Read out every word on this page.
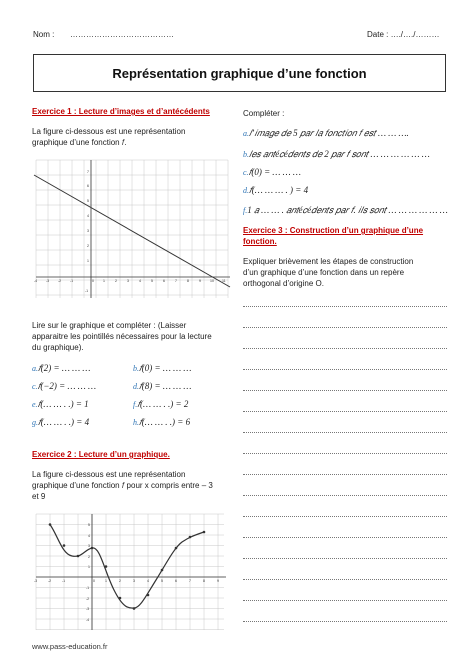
Nom : …………………………………	Date : …./…./………
Représentation graphique d’une fonction
Exercice 1 : Lecture d’images et d’antécédents
La figure ci-dessous est une représentation
graphique d’une fonction 𝑓.
-4	-3	-2	-1	0	1	2	3	4	5	6	7	8	9	10 11
7
6
5
4
3
2
1
-1
Lire sur le graphique et compléter : (Laisser
apparaitre les pointillés nécessaires pour la lecture
du graphique).
a.𝑓(2) = … … …	b.𝑓(0) = … … …
c.𝑓(−2) = … … …	d.𝑓(8) = … … …
e.𝑓(… … . .) = 1	f.𝑓(… … . .) = 2
g.𝑓(… … . .) = 4	h.𝑓(… … . .) = 6
Exercice 2 : Lecture d’un graphique.
La figure ci-dessous est une représentation
graphique d’une fonction 𝑓 pour x compris entre – 3
et 9
-3	-2	-1	0	1	2	3	4	5	6	7	8	9
5
4
3
2
1
-1
-2
-3
-4
Compléter :
a.𝑙’𝑖𝑚𝑎𝑔𝑒 𝑑𝑒 5 𝑝𝑎𝑟 𝑙𝑎 𝑓𝑜𝑛𝑐𝑡𝑖𝑜𝑛 𝑓 𝑒𝑠𝑡 … … ….
b.𝑙𝑒𝑠 𝑎𝑛𝑡é𝑐é𝑑𝑒𝑛𝑡𝑠 𝑑𝑒 2 𝑝𝑎𝑟 𝑓 𝑠𝑜𝑛𝑡 … … … … … …
c.𝑓(0) = … … …
d.𝑓(… … … . ) = 4
f.1 𝑎 … … . 𝑎𝑛𝑡é𝑐é𝑑𝑒𝑛𝑡𝑠 𝑝𝑎𝑟 𝑓. 𝑖𝑙𝑠 𝑠𝑜𝑛𝑡 … … … … … …
Exercice 3 : Construction d’un graphique d’une
fonction.
Expliquer brièvement les étapes de construction
d’un graphique d’une fonction dans un repère
orthogonal d’origine O.
www.pass-education.fr
